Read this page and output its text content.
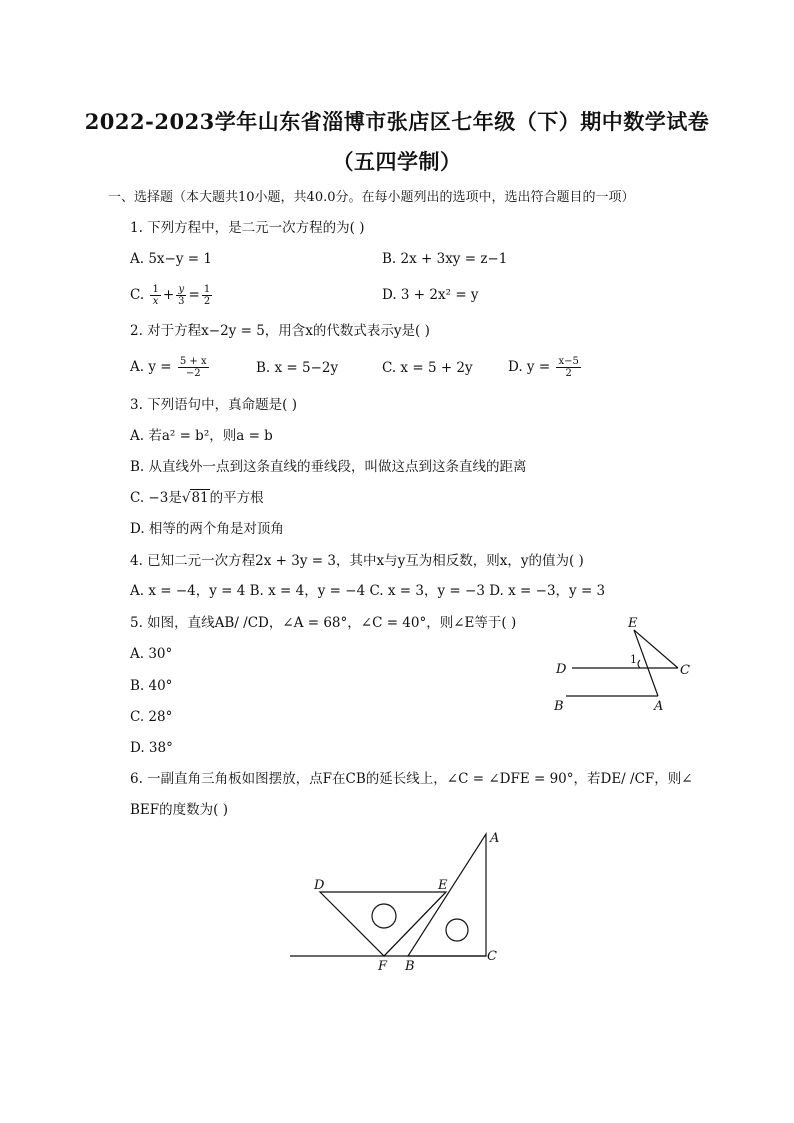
2022-2023学年山东省淄博市张店区七年级（下）期中数学试卷
（五四学制）
一、选择题（本大题共10小题，共40.0分。在每小题列出的选项中，选出符合题目的一项）
1. 下列方程中，是二元一次方程的为( )
A. 5x−y = 1	B. 2x + 3xy = z−1
C. $\frac{1}{x} + \frac{y}{3} = \frac{1}{2}$	D. 3 + 2x² = y
2. 对于方程x−2y = 5，用含x的代数式表示y是( )
A. $y = \frac{5 + x}{-2}$	B. x = 5−2y	C. x = 5 + 2y	D. $y = \frac{x-5}{2}$
3. 下列语句中，真命题是( )
A. 若a² = b²，则a = b
B. 从直线外一点到这条直线的垂线段，叫做这点到这条直线的距离
C. −3是√81的平方根
D. 相等的两个角是对顶角
4. 已知二元一次方程2x + 3y = 3，其中x与y互为相反数，则x，y的值为( )
A. x = −4，y = 4 B. x = 4，y = −4 C. x = 3，y = −3 D. x = −3，y = 3
5. 如图，直线AB/ /CD，∠A = 68°，∠C = 40°，则∠E等于( )
A. 30°
B. 40°
C. 28°
D. 38°
E
D	C
B	A
1
6. 一副直角三角板如图摆放，点F在CB的延长线上，∠C = ∠DFE = 90°，若DE/ /CF，则∠
BEF的度数为( )
A
D	E
F B
C
